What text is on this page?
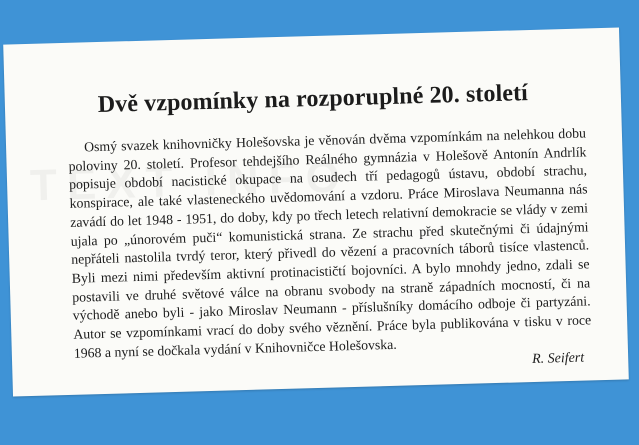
Dvě vzpomínky na rozporuplné 20. století

Osmý svazek knihovničky Holešovska je věnován dvěma vzpomínkám na nelehkou dobu poloviny 20. století. Profesor tehdejšího Reálného gymnázia v Holešově Antonín Andrlík popisuje období nacistické okupace na osudech tří pedagogů ústavu, období strachu, konspirace, ale také vlasteneckého uvědomování a vzdoru. Práce Miroslava Neumanna nás zavádí do let 1948 - 1951, do doby, kdy po třech letech relativní demokracie se vlády v zemi ujala po „únorovém puči“ komunistická strana. Ze strachu před skutečnými či údajnými nepřáteli nastolila tvrdý teror, který přivedl do vězení a pracovních táborů tisíce vlastenců. Byli mezi nimi především aktivní protinacističtí bojovníci. A bylo mnohdy jedno, zdali se postavili ve druhé světové válce na obranu svobody na straně západních mocností, či na východě anebo byli - jako Miroslav Neumann - příslušníky domácího odboje či partyzáni. Autor se vzpomínkami vrací do doby svého věznění. Práce byla publikována v tisku v roce 1968 a nyní se dočkala vydání v Knihovničce Holešovska.	R. Seifert
